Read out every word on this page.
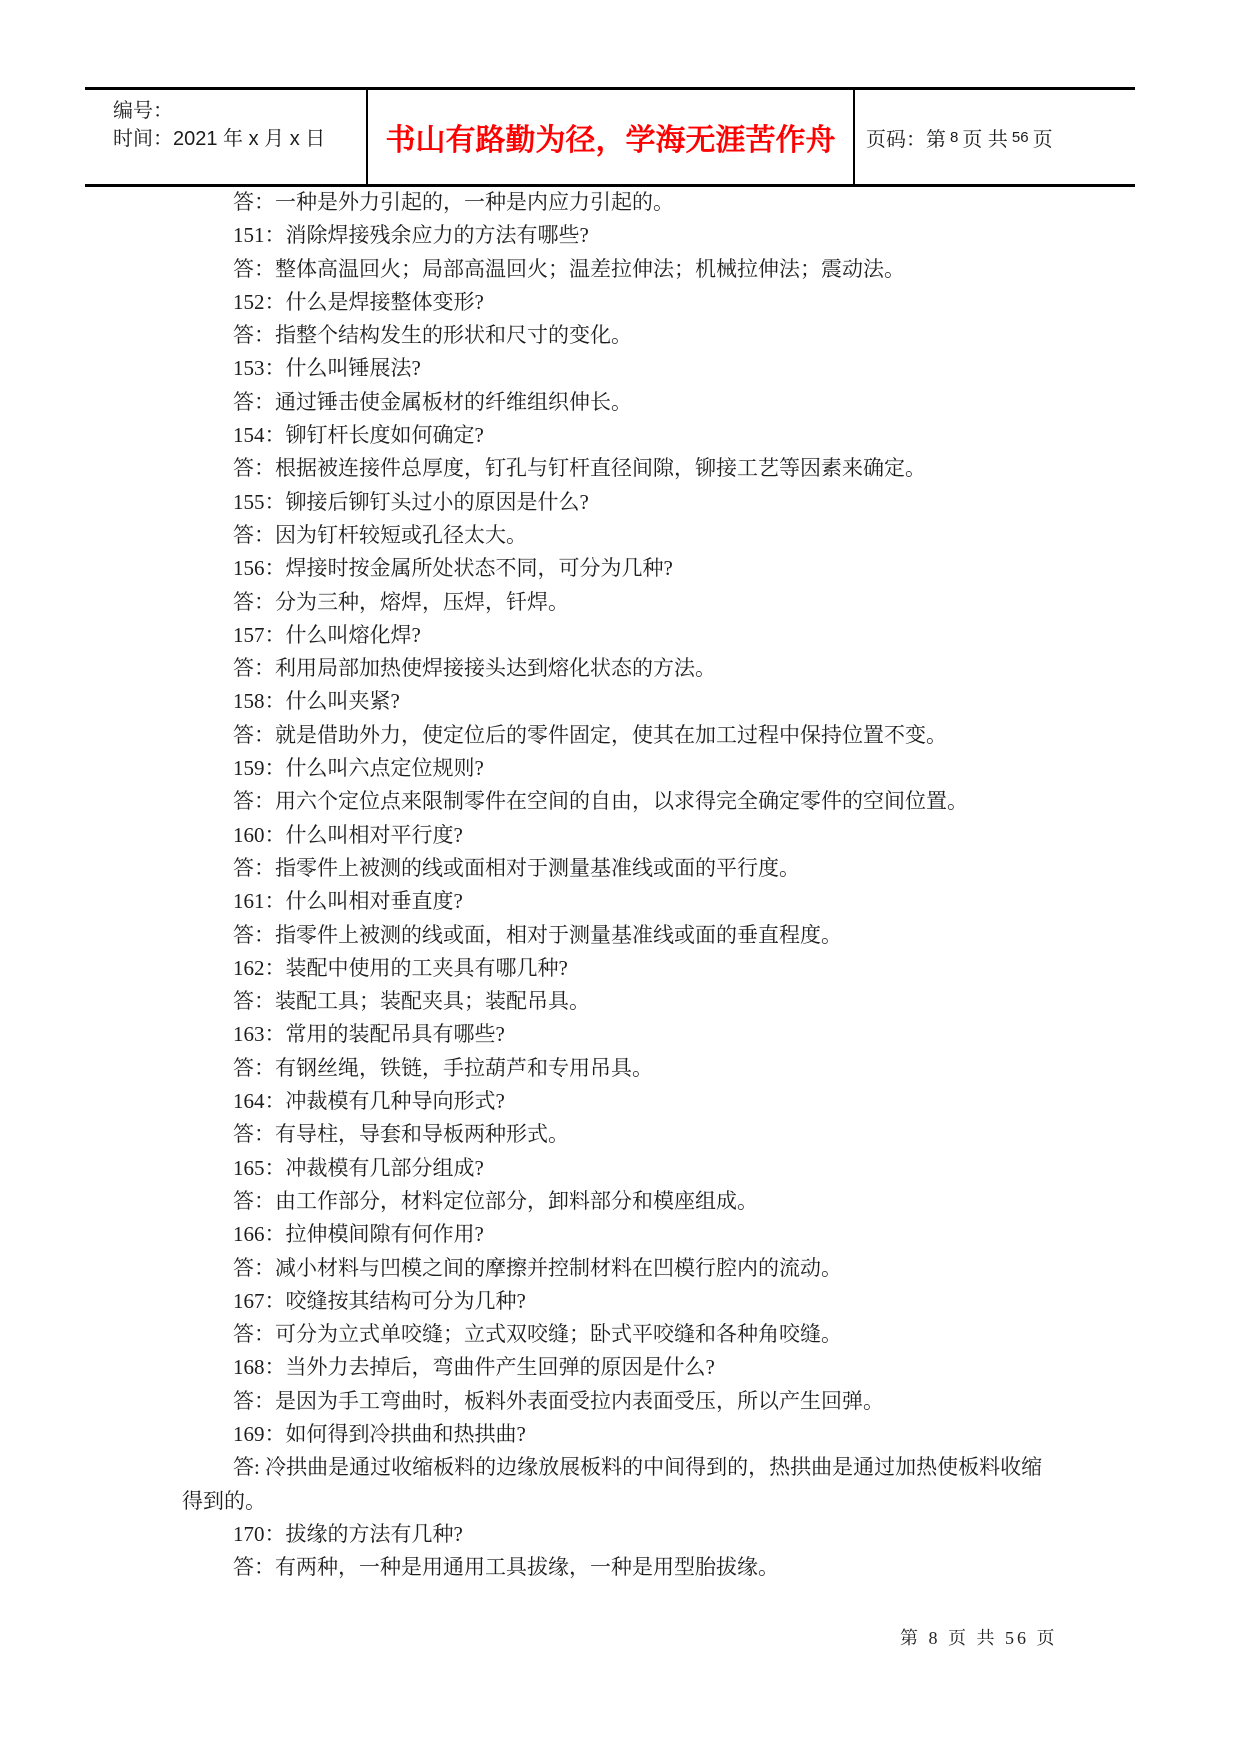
编号：
时间：2021 年 x 月 x 日	书山有路勤为径，学海无涯苦作舟 页码：第 8 页 共 56 页

答：一种是外力引起的，一种是内应力引起的。

151：消除焊接残余应力的方法有哪些?

答：整体高温回火；局部高温回火；温差拉伸法；机械拉伸法；震动法。

152：什么是焊接整体变形?

答：指整个结构发生的形状和尺寸的变化。

153：什么叫锤展法?

答：通过锤击使金属板材的纤维组织伸长。

154：铆钉杆长度如何确定?

答：根据被连接件总厚度，钉孔与钉杆直径间隙，铆接工艺等因素来确定。

155：铆接后铆钉头过小的原因是什么?

答：因为钉杆较短或孔径太大。

156：焊接时按金属所处状态不同，可分为几种?

答：分为三种，熔焊，压焊，钎焊。

157：什么叫熔化焊?

答：利用局部加热使焊接接头达到熔化状态的方法。

158：什么叫夹紧?

答：就是借助外力，使定位后的零件固定，使其在加工过程中保持位置不变。

159：什么叫六点定位规则?

答：用六个定位点来限制零件在空间的自由，以求得完全确定零件的空间位置。

160：什么叫相对平行度?

答：指零件上被测的线或面相对于测量基准线或面的平行度。

161：什么叫相对垂直度?

答：指零件上被测的线或面，相对于测量基准线或面的垂直程度。

162：装配中使用的工夹具有哪几种?

答：装配工具；装配夹具；装配吊具。

163：常用的装配吊具有哪些?

答：有钢丝绳，铁链，手拉葫芦和专用吊具。

164：冲裁模有几种导向形式?

答：有导柱，导套和导板两种形式。

165：冲裁模有几部分组成?

答：由工作部分，材料定位部分，卸料部分和模座组成。

166：拉伸模间隙有何作用?

答：减小材料与凹模之间的摩擦并控制材料在凹模行腔内的流动。

167：咬缝按其结构可分为几种?

答：可分为立式单咬缝；立式双咬缝；卧式平咬缝和各种角咬缝。

168：当外力去掉后，弯曲件产生回弹的原因是什么?

答：是因为手工弯曲时，板料外表面受拉内表面受压，所以产生回弹。

169：如何得到冷拱曲和热拱曲?

答: 冷拱曲是通过收缩板料的边缘放展板料的中间得到的，热拱曲是通过加热使板料收缩得到的。

170：拔缘的方法有几种?

答：有两种，一种是用通用工具拔缘，一种是用型胎拔缘。

第 8 页 共 56 页
